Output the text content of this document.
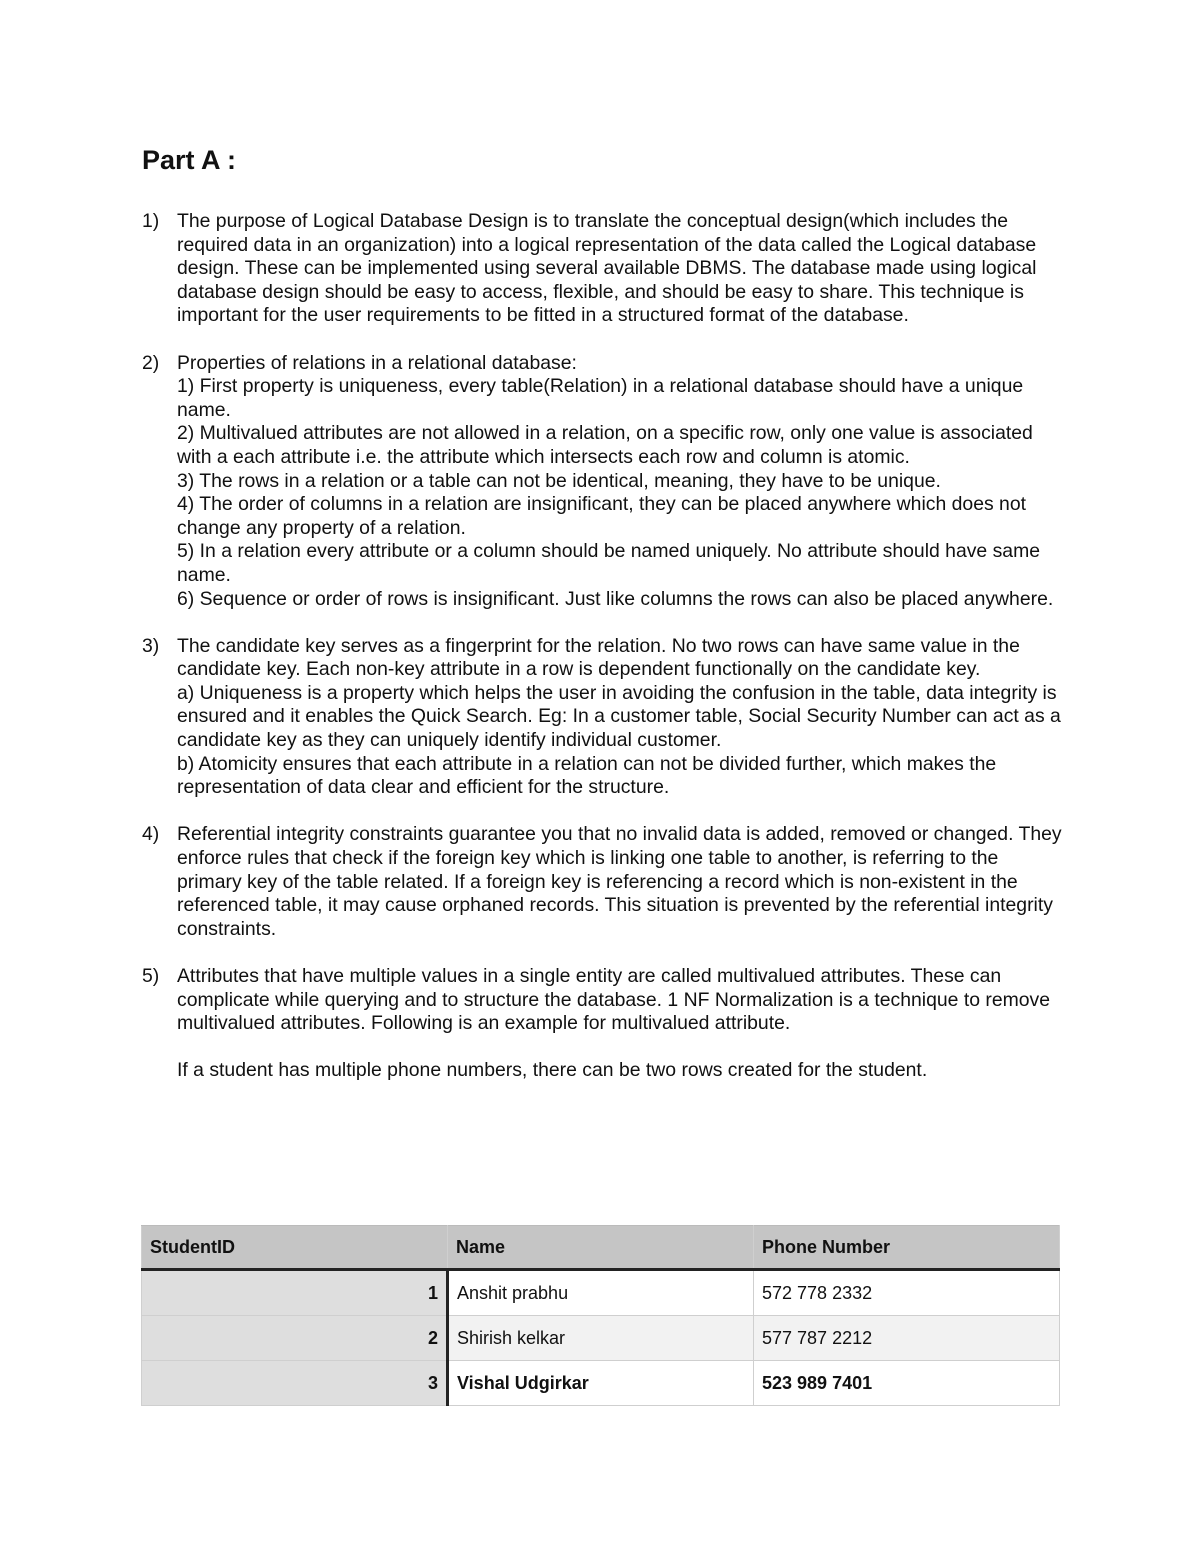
Part A :
1) The purpose of Logical Database Design is to translate the conceptual design(which includes the required data in an organization) into a logical representation of the data called the Logical database design. These can be implemented using several available DBMS. The database made using logical database design should be easy to access, flexible, and should be easy to share. This technique is important for the user requirements to be fitted in a structured format of the database.

2) Properties of relations in a relational database:

1) First property is uniqueness, every table(Relation) in a relational database should have a unique name.

2) Multivalued attributes are not allowed in a relation, on a specific row, only one value is associated with a each attribute i.e. the attribute which intersects each row and column is atomic.

3) The rows in a relation or a table can not be identical, meaning, they have to be unique.

4) The order of columns in a relation are insignificant, they can be placed anywhere which does not change any property of a relation.

5) In a relation every attribute or a column should be named uniquely. No attribute should have same name.

6) Sequence or order of rows is insignificant. Just like columns the rows can also be placed anywhere.

3) The candidate key serves as a fingerprint for the relation. No two rows can have same value in the candidate key. Each non-key attribute in a row is dependent functionally on the candidate key.

a) Uniqueness is a property which helps the user in avoiding the confusion in the table, data integrity is ensured and it enables the Quick Search. Eg: In a customer table, Social Security Number can act as a candidate key as they can uniquely identify individual customer.

b) Atomicity ensures that each attribute in a relation can not be divided further, which makes the representation of data clear and efficient for the structure.

4) Referential integrity constraints guarantee you that no invalid data is added, removed or changed. They enforce rules that check if the foreign key which is linking one table to another, is referring to the primary key of the table related. If a foreign key is referencing a record which is non-existent in the referenced table, it may cause orphaned records. This situation is prevented by the referential integrity constraints.

5) Attributes that have multiple values in a single entity are called multivalued attributes. These can complicate while querying and to structure the database. 1 NF Normalization is a technique to remove multivalued attributes. Following is an example for multivalued attribute.

If a student has multiple phone numbers, there can be two rows created for the student.

StudentID	Name	Phone Number
1	Anshit prabhu	572 778 2332
2	Shirish kelkar	577 787 2212
3	Vishal Udgirkar	523 989 7401
